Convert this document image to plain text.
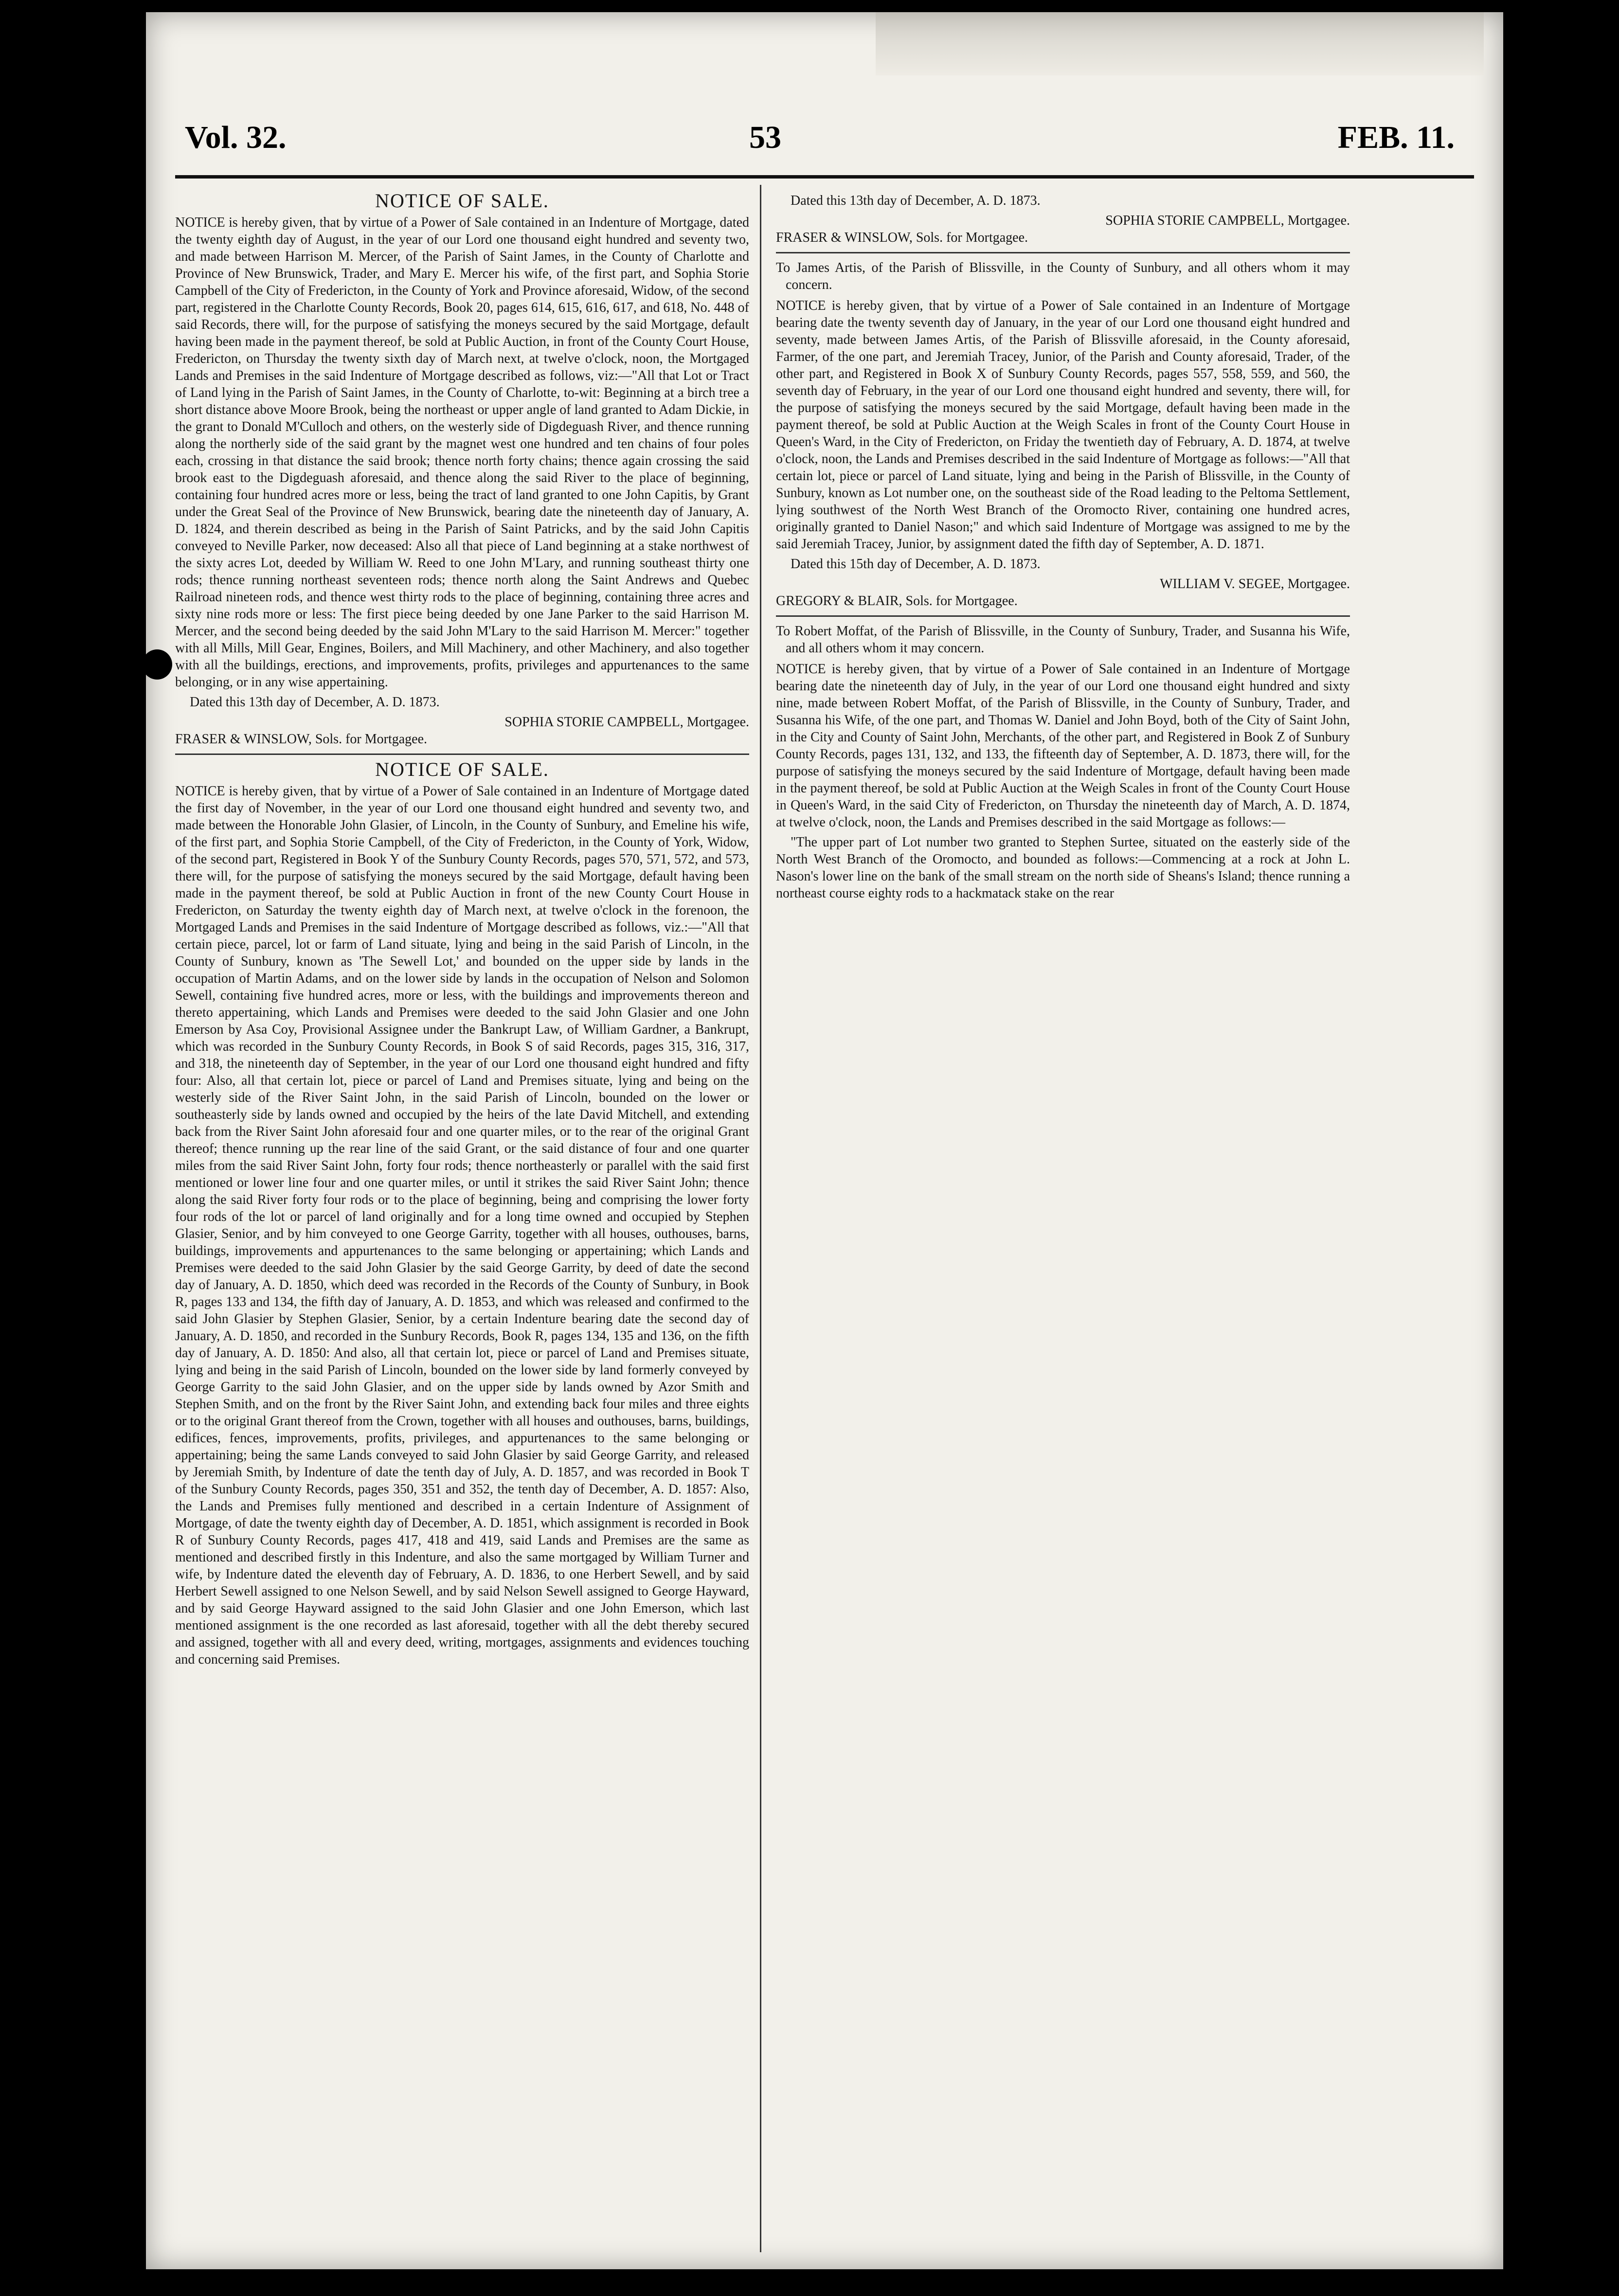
Vol. 32.	53	FEB. 11.
NOTICE OF SALE.

NOTICE is hereby given, that by virtue of a Power of Sale contained in an Indenture of Mortgage, dated the twenty eighth day of August, in the year of our Lord one thousand eight hundred and seventy two, and made between Harrison M. Mercer, of the Parish of Saint James, in the County of Charlotte and Province of New Brunswick, Trader, and Mary E. Mercer his wife, of the first part, and Sophia Storie Campbell of the City of Fredericton, in the County of York and Province aforesaid, Widow, of the second part, registered in the Charlotte County Records, Book 20, pages 614, 615, 616, 617, and 618, No. 448 of said Records, there will, for the purpose of satisfying the moneys secured by the said Mortgage, default having been made in the payment thereof, be sold at Public Auction, in front of the County Court House, Fredericton, on Thursday the twenty sixth day of March next, at twelve o'clock, noon, the Mortgaged Lands and Premises in the said Indenture of Mortgage described as follows, viz:—"All that Lot or Tract of Land lying in the Parish of Saint James, in the County of Charlotte, to-wit: Beginning at a birch tree a short distance above Moore Brook, being the northeast or upper angle of land granted to Adam Dickie, in the grant to Donald M'Culloch and others, on the westerly side of Digdeguash River, and thence running along the northerly side of the said grant by the magnet west one hundred and ten chains of four poles each, crossing in that distance the said brook; thence north forty chains; thence again crossing the said brook east to the Digdeguash aforesaid, and thence along the said River to the place of beginning, containing four hundred acres more or less, being the tract of land granted to one John Capitis, by Grant under the Great Seal of the Province of New Brunswick, bearing date the nineteenth day of January, A. D. 1824, and therein described as being in the Parish of Saint Patricks, and by the said John Capitis conveyed to Neville Parker, now deceased: Also all that piece of Land beginning at a stake northwest of the sixty acres Lot, deeded by William W. Reed to one John M'Lary, and running southeast thirty one rods; thence running northeast seventeen rods; thence north along the Saint Andrews and Quebec Railroad nineteen rods, and thence west thirty rods to the place of beginning, containing three acres and sixty nine rods more or less: The first piece being deeded by one Jane Parker to the said Harrison M. Mercer, and the second being deeded by the said John M'Lary to the said Harrison M. Mercer:" together with all Mills, Mill Gear, Engines, Boilers, and Mill Machinery, and other Machinery, and also together with all the buildings, erections, and improvements, profits, privileges and appurtenances to the same belonging, or in any wise appertaining.

Dated this 13th day of December, A. D. 1873.

SOPHIA STORIE CAMPBELL, Mortgagee.

FRASER & WINSLOW, Sols. for Mortgagee.
NOTICE OF SALE.

NOTICE is hereby given, that by virtue of a Power of Sale contained in an Indenture of Mortgage dated the first day of November, in the year of our Lord one thousand eight hundred and seventy two, and made between the Honorable John Glasier, of Lincoln, in the County of Sunbury, and Emeline his wife, of the first part, and Sophia Storie Campbell, of the City of Fredericton, in the County of York, Widow, of the second part, Registered in Book Y of the Sunbury County Records, pages 570, 571, 572, and 573, there will, for the purpose of satisfying the moneys secured by the said Mortgage, default having been made in the payment thereof, be sold at Public Auction in front of the new County Court House in Fredericton, on Saturday the twenty eighth day of March next, at twelve o'clock in the forenoon, the Mortgaged Lands and Premises in the said Indenture of Mortgage described as follows, viz.:—"All that certain piece, parcel, lot or farm of Land situate, lying and being in the said Parish of Lincoln, in the County of Sunbury, known as 'The Sewell Lot,' and bounded on the upper side by lands in the occupation of Martin Adams, and on the lower side by lands in the occupation of Nelson and Solomon Sewell, containing five hundred acres, more or less, with the buildings and improvements thereon and thereto appertaining, which Lands and Premises were deeded to the said John Glasier and one John Emerson by Asa Coy, Provisional Assignee under the Bankrupt Law, of William Gardner, a Bankrupt, which was recorded in the Sunbury County Records, in Book S of said Records, pages 315, 316, 317, and 318, the nineteenth day of September, in the year of our Lord one thousand eight hundred and fifty four: Also, all that certain lot, piece or parcel of Land and Premises situate, lying and being on the westerly side of the River Saint John, in the said Parish of Lincoln, bounded on the lower or southeasterly side by lands owned and occupied by the heirs of the late David Mitchell, and extending back from the River Saint John aforesaid four and one quarter miles, or to the rear of the original Grant thereof; thence running up the rear line of the said Grant, or the said distance of four and one quarter miles from the said River Saint John, forty four rods; thence northeasterly or parallel with the said first mentioned or lower line four and one quarter miles, or until it strikes the said River Saint John; thence along the said River forty four rods or to the place of beginning, being and comprising the lower forty four rods of the lot or parcel of land originally and for a long time owned and occupied by Stephen Glasier, Senior, and by him conveyed to one George Garrity, together with all houses, outhouses, barns, buildings, improvements and appurtenances to the same belonging or appertaining; which Lands and Premises were deeded to the said John Glasier by the said George Garrity, by deed of date the second day of January, A. D. 1850, which deed was recorded in the Records of the County of Sunbury, in Book R, pages 133 and 134, the fifth day of January, A. D. 1853, and which was released and confirmed to the said John Glasier by Stephen Glasier, Senior, by a certain Indenture bearing date the second day of January, A. D. 1850, and recorded in the Sunbury Records, Book R, pages 134, 135 and 136, on the fifth day of January, A. D. 1850: And also, all that certain lot, piece or parcel of Land and Premises situate, lying and being in the said Parish of Lincoln, bounded on the lower side by land formerly conveyed by George Garrity to the said John Glasier, and on the upper side by lands owned by Azor Smith and Stephen Smith, and on the front by the River Saint John, and extending back four miles and three eights or to the original Grant thereof from the Crown, together with all houses and outhouses, barns, buildings, edifices, fences, improvements, profits, privileges, and appurtenances to the same belonging or appertaining; being the same Lands conveyed to said John Glasier by said George Garrity, and released by Jeremiah Smith, by Indenture of date the tenth day of July, A. D. 1857, and was recorded in Book T of the Sunbury County Records, pages 350, 351 and 352, the tenth day of December, A. D. 1857: Also, the Lands and Premises fully mentioned and described in a certain Indenture of Assignment of Mortgage, of date the twenty eighth day of December, A. D. 1851, which assignment is recorded in Book R of Sunbury County Records, pages 417, 418 and 419, said Lands and Premises are the same as mentioned and described firstly in this Indenture, and also the same mortgaged by William Turner and wife, by Indenture dated the eleventh day of February, A. D. 1836, to one Herbert Sewell, and by said Herbert Sewell assigned to one Nelson Sewell, and by said Nelson Sewell assigned to George Hayward, and by said George Hayward assigned to the said John Glasier and one John Emerson, which last mentioned assignment is the one recorded as last aforesaid, together with all the debt thereby secured and assigned, together with all and every deed, writing, mortgages, assignments and evidences touching and concerning said Premises.

Dated this 13th day of December, A. D. 1873.

SOPHIA STORIE CAMPBELL, Mortgagee.

FRASER & WINSLOW, Sols. for Mortgagee.
To James Artis, of the Parish of Blissville, in the County of Sunbury, and all others whom it may concern.

NOTICE is hereby given, that by virtue of a Power of Sale contained in an Indenture of Mortgage bearing date the twenty seventh day of January, in the year of our Lord one thousand eight hundred and seventy, made between James Artis, of the Parish of Blissville aforesaid, in the County aforesaid, Farmer, of the one part, and Jeremiah Tracey, Junior, of the Parish and County aforesaid, Trader, of the other part, and Registered in Book X of Sunbury County Records, pages 557, 558, 559, and 560, the seventh day of February, in the year of our Lord one thousand eight hundred and seventy, there will, for the purpose of satisfying the moneys secured by the said Mortgage, default having been made in the payment thereof, be sold at Public Auction at the Weigh Scales in front of the County Court House in Queen's Ward, in the City of Fredericton, on Friday the twentieth day of February, A. D. 1874, at twelve o'clock, noon, the Lands and Premises described in the said Indenture of Mortgage as follows:—"All that certain lot, piece or parcel of Land situate, lying and being in the Parish of Blissville, in the County of Sunbury, known as Lot number one, on the southeast side of the Road leading to the Peltoma Settlement, lying southwest of the North West Branch of the Oromocto River, containing one hundred acres, originally granted to Daniel Nason;" and which said Indenture of Mortgage was assigned to me by the said Jeremiah Tracey, Junior, by assignment dated the fifth day of September, A. D. 1871.

Dated this 15th day of December, A. D. 1873.

WILLIAM V. SEGEE, Mortgagee.

GREGORY & BLAIR, Sols. for Mortgagee.
To Robert Moffat, of the Parish of Blissville, in the County of Sunbury, Trader, and Susanna his Wife, and all others whom it may concern.

NOTICE is hereby given, that by virtue of a Power of Sale contained in an Indenture of Mortgage bearing date the nineteenth day of July, in the year of our Lord one thousand eight hundred and sixty nine, made between Robert Moffat, of the Parish of Blissville, in the County of Sunbury, Trader, and Susanna his Wife, of the one part, and Thomas W. Daniel and John Boyd, both of the City of Saint John, in the City and County of Saint John, Merchants, of the other part, and Registered in Book Z of Sunbury County Records, pages 131, 132, and 133, the fifteenth day of September, A. D. 1873, there will, for the purpose of satisfying the moneys secured by the said Indenture of Mortgage, default having been made in the payment thereof, be sold at Public Auction at the Weigh Scales in front of the County Court House in Queen's Ward, in the said City of Fredericton, on Thursday the nineteenth day of March, A. D. 1874, at twelve o'clock, noon, the Lands and Premises described in the said Mortgage as follows:—

"The upper part of Lot number two granted to Stephen Surtee, situated on the easterly side of the North West Branch of the Oromocto, and bounded as follows:—Commencing at a rock at John L. Nason's lower line on the bank of the small stream on the north side of Sheans's Island; thence running a northeast course eighty rods to a hackmatack stake on the rear
